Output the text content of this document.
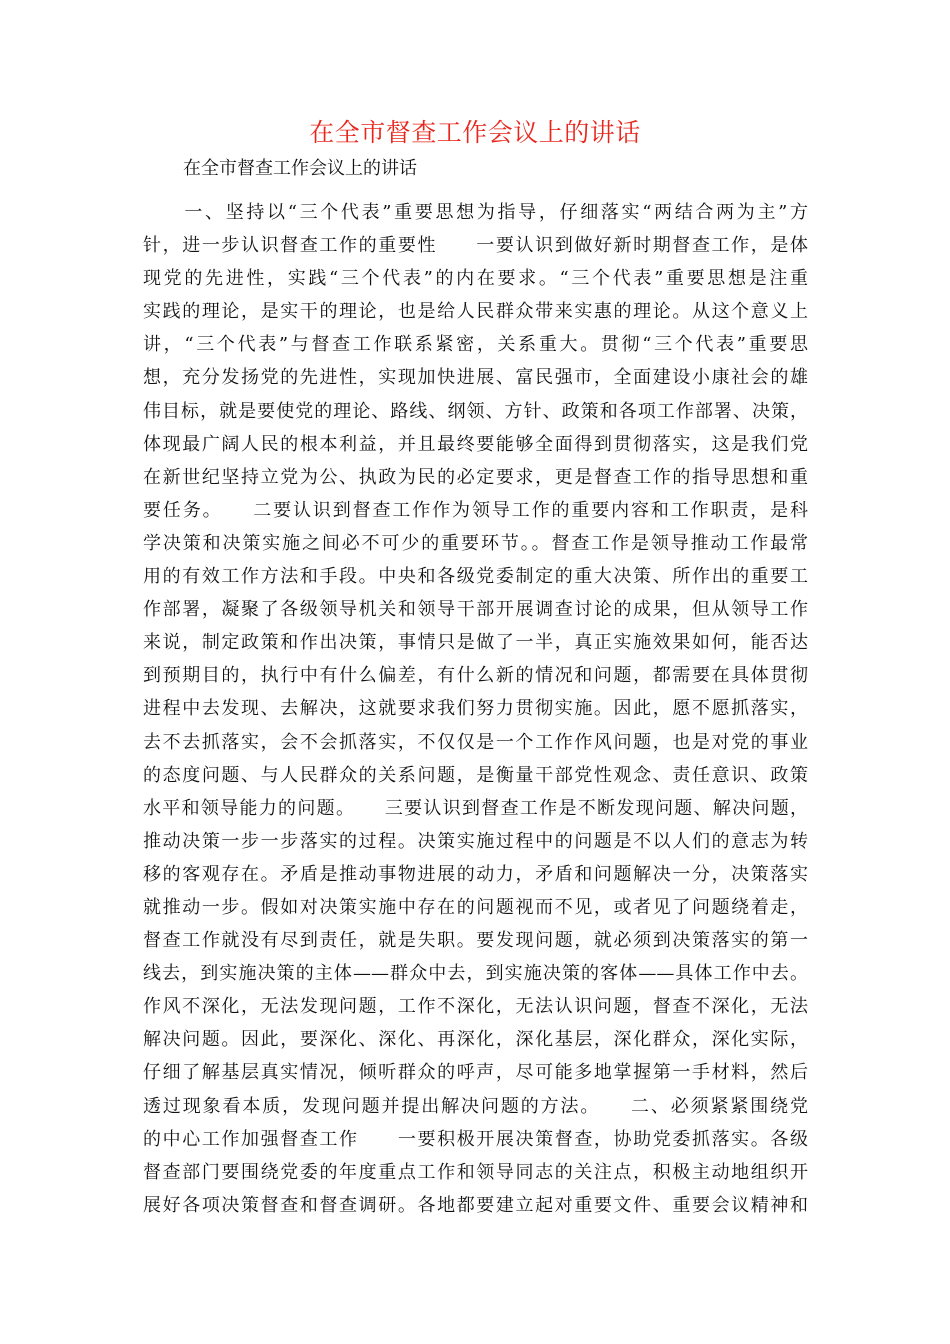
在全市督查工作会议上的讲话
在全市督查工作会议上的讲话
　　一、坚持以“三个代表”重要思想为指导，仔细落实“两结合两为主”方
针，进一步认识督查工作的重要性　　一要认识到做好新时期督查工作，是体
现党的先进性，实践“三个代表”的内在要求。“三个代表”重要思想是注重
实践的理论，是实干的理论，也是给人民群众带来实惠的理论。从这个意义上
讲，“三个代表”与督查工作联系紧密，关系重大。贯彻“三个代表”重要思
想，充分发扬党的先进性，实现加快进展、富民强市，全面建设小康社会的雄
伟目标，就是要使党的理论、路线、纲领、方针、政策和各项工作部署、决策，
体现最广阔人民的根本利益，并且最终要能够全面得到贯彻落实，这是我们党
在新世纪坚持立党为公、执政为民的必定要求，更是督查工作的指导思想和重
要任务。　　二要认识到督查工作作为领导工作的重要内容和工作职责，是科
学决策和决策实施之间必不可少的重要环节。。督查工作是领导推动工作最常
用的有效工作方法和手段。中央和各级党委制定的重大决策、所作出的重要工
作部署，凝聚了各级领导机关和领导干部开展调查讨论的成果，但从领导工作
来说，制定政策和作出决策，事情只是做了一半，真正实施效果如何，能否达
到预期目的，执行中有什么偏差，有什么新的情况和问题，都需要在具体贯彻
进程中去发现、去解决，这就要求我们努力贯彻实施。因此，愿不愿抓落实，
去不去抓落实，会不会抓落实，不仅仅是一个工作作风问题，也是对党的事业
的态度问题、与人民群众的关系问题，是衡量干部党性观念、责任意识、政策
水平和领导能力的问题。　　三要认识到督查工作是不断发现问题、解决问题，
推动决策一步一步落实的过程。决策实施过程中的问题是不以人们的意志为转
移的客观存在。矛盾是推动事物进展的动力，矛盾和问题解决一分，决策落实
就推动一步。假如对决策实施中存在的问题视而不见，或者见了问题绕着走，
督查工作就没有尽到责任，就是失职。要发现问题，就必须到决策落实的第一
线去，到实施决策的主体——群众中去，到实施决策的客体——具体工作中去。
作风不深化，无法发现问题，工作不深化，无法认识问题，督查不深化，无法
解决问题。因此，要深化、深化、再深化，深化基层，深化群众，深化实际，
仔细了解基层真实情况，倾听群众的呼声，尽可能多地掌握第一手材料，然后
透过现象看本质，发现问题并提出解决问题的方法。　　二、必须紧紧围绕党
的中心工作加强督查工作　　一要积极开展决策督查，协助党委抓落实。各级
督查部门要围绕党委的年度重点工作和领导同志的关注点，积极主动地组织开
展好各项决策督查和督查调研。各地都要建立起对重要文件、重要会议精神和
